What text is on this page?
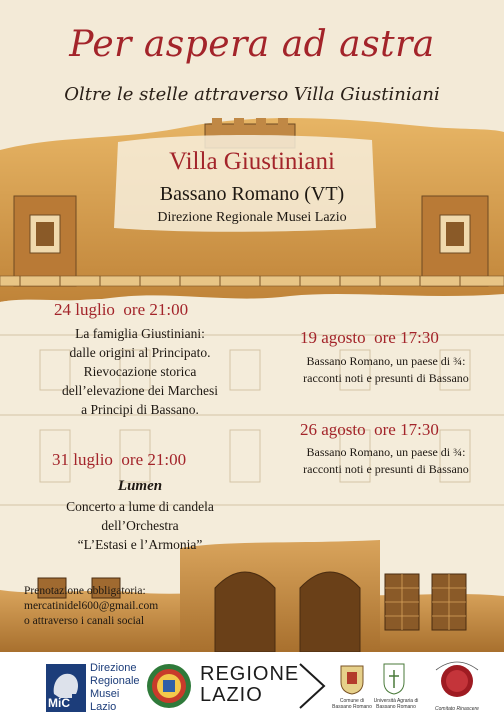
Per aspera ad astra
Oltre le stelle attraverso Villa Giustiniani
Villa Giustiniani
Bassano Romano (VT)
Direzione Regionale Musei Lazio
24 luglio ore 21:00
La famiglia Giustiniani:
dalle origini al Principato.
Rievocazione storica
dell’elevazione dei Marchesi
a Principi di Bassano.
31 luglio ore 21:00
Lumen
Concerto a lume di candela
dell’Orchestra
“L’Estasi e l’Armonia”
19 agosto ore 17:30
Bassano Romano, un paese di ¾:
racconti noti e presunti di Bassano
26 agosto ore 17:30
Bassano Romano, un paese di ¾:
racconti noti e presunti di Bassano
Prenotazione obbligatoria:
mercatinidel600@gmail.com
o attraverso i canali social
MiC
Direzione
Regionale
Musei
Lazio
REGIONE
LAZIO	Comune di
Bassano Romano
Università Agraria di
Bassano Romano	Comitato Rinascere
